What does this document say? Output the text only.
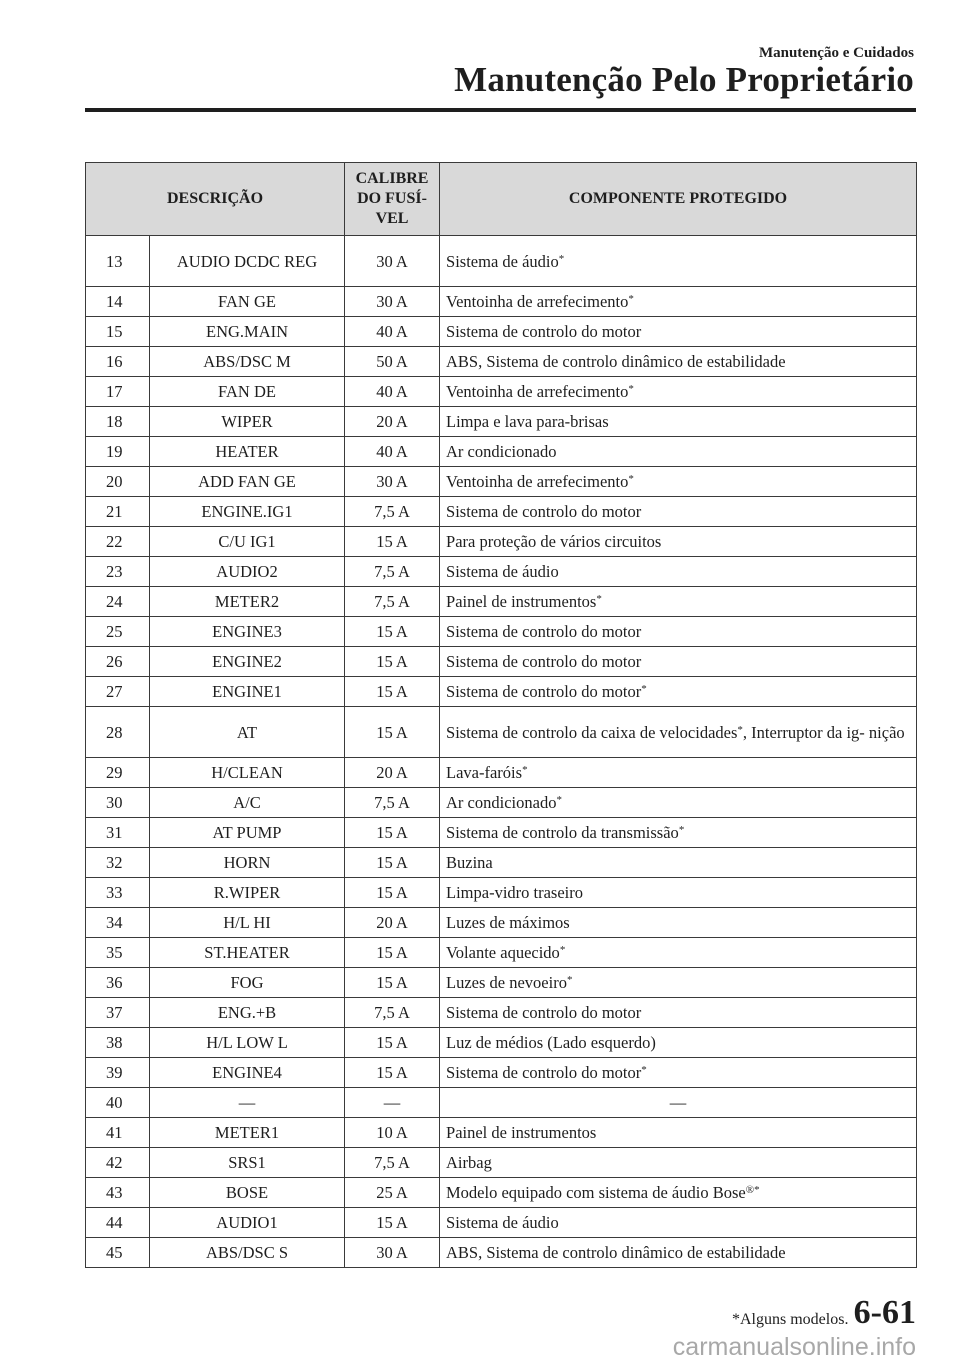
Manutenção e Cuidados
Manutenção Pelo Proprietário
DESCRIÇÃO		CALIBRE DO FUSÍ- VEL	COMPONENTE PROTEGIDO
13	AUDIO DCDC REG	30 A	Sistema de áudio*
14	FAN GE	30 A	Ventoinha de arrefecimento*
15	ENG.MAIN	40 A	Sistema de controlo do motor
16	ABS/DSC M	50 A	ABS, Sistema de controlo dinâmico de estabilidade
17	FAN DE	40 A	Ventoinha de arrefecimento*
18	WIPER	20 A	Limpa e lava para-brisas
19	HEATER	40 A	Ar condicionado
20	ADD FAN GE	30 A	Ventoinha de arrefecimento*
21	ENGINE.IG1	7,5 A	Sistema de controlo do motor
22	C/U IG1	15 A	Para proteção de vários circuitos
23	AUDIO2	7,5 A	Sistema de áudio
24	METER2	7,5 A	Painel de instrumentos*
25	ENGINE3	15 A	Sistema de controlo do motor
26	ENGINE2	15 A	Sistema de controlo do motor
27	ENGINE1	15 A	Sistema de controlo do motor*
28	AT	15 A	Sistema de controlo da caixa de velocidades*, Interruptor da ig- nição
29	H/CLEAN	20 A	Lava-faróis*
30	A/C	7,5 A	Ar condicionado*
31	AT PUMP	15 A	Sistema de controlo da transmissão*
32	HORN	15 A	Buzina
33	R.WIPER	15 A	Limpa-vidro traseiro
34	H/L HI	20 A	Luzes de máximos
35	ST.HEATER	15 A	Volante aquecido*
36	FOG	15 A	Luzes de nevoeiro*
37	ENG.+B	7,5 A	Sistema de controlo do motor
38	H/L LOW L	15 A	Luz de médios (Lado esquerdo)
39	ENGINE4	15 A	Sistema de controlo do motor*
40	—	—	—
41	METER1	10 A	Painel de instrumentos
42	SRS1	7,5 A	Airbag
43	BOSE	25 A	Modelo equipado com sistema de áudio Bose®*
44	AUDIO1	15 A	Sistema de áudio
45	ABS/DSC S	30 A	ABS, Sistema de controlo dinâmico de estabilidade
*Alguns modelos. 6-61
carmanualsonline.info
